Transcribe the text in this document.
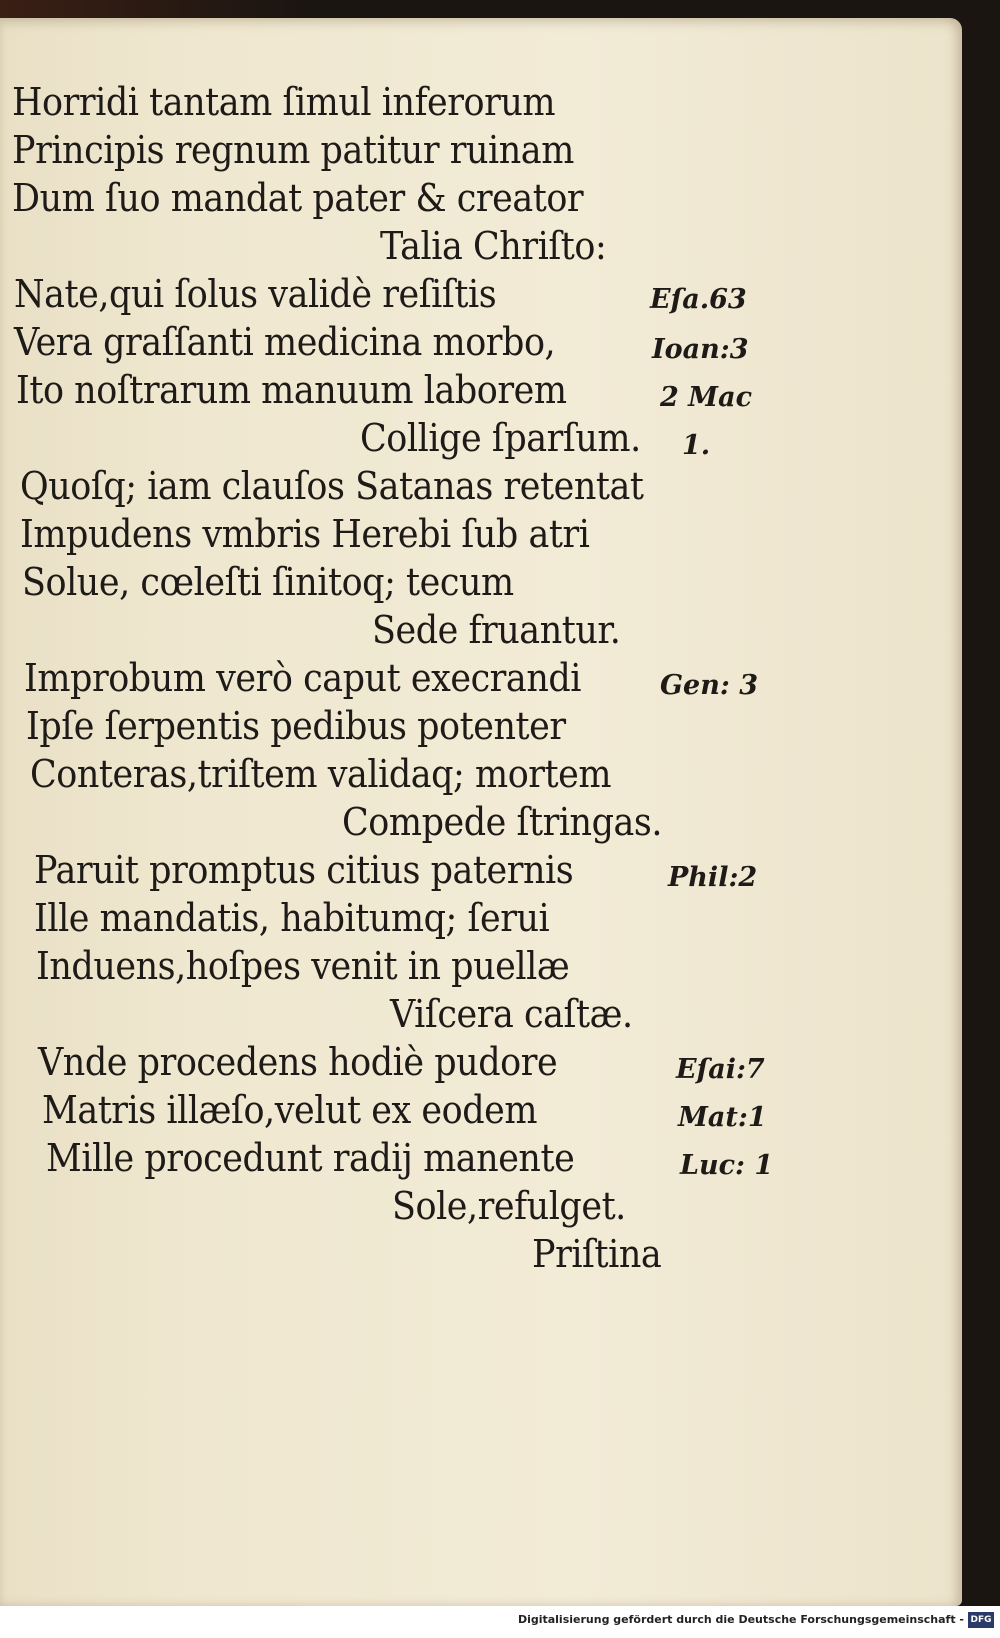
Horridi tantam ſimul inferorum
Principis regnum patitur ruinam
Dum ſuo mandat pater & creator
Talia Chriſto:
Nate,qui ſolus validè reſiſtis
Vera graſſanti medicina morbo,
Ito noſtrarum manuum laborem
Collige ſparſum.
Quoſq; iam clauſos Satanas retentat
Impudens vmbris Herebi ſub atri
Solue, cœleſti ſinitoq; tecum
Sede fruantur.
Improbum verò caput execrandi
Ipſe ſerpentis pedibus potenter
Conteras,triſtem validaq; mortem
Compede ſtringas.
Paruit promptus citius paternis
Ille mandatis, habitumq; ſerui
Induens,hoſpes venit in puellæ
Viſcera caſtæ.
Vnde procedens hodiè pudore
Matris illæſo,velut ex eodem
Mille procedunt radij manente
Sole,refulget.
Priſtina
Eſa.63
Ioan:3
2 Mac
1.
Gen: 3
Phil:2
Eſai:7
Mat:1
Luc: 1
Digitalisierung gefördert durch die Deutsche Forschungsgemeinschaft - DFG
